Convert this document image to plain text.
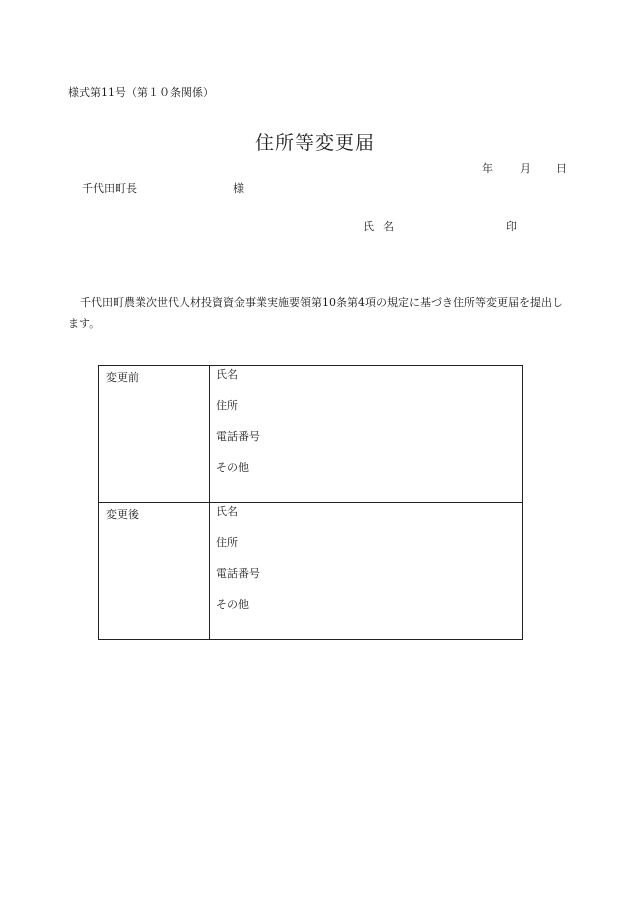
様式第11号（第１０条関係）
住所等変更届
年 月 日
千代田町長	様
氏名	印
千代田町農業次世代人材投資資金事業実施要領第10条第4項の規定に基づき住所等変更届を提出します。
変更前	氏名
住所
電話番号
その他

変更後	氏名
住所
電話番号
その他
